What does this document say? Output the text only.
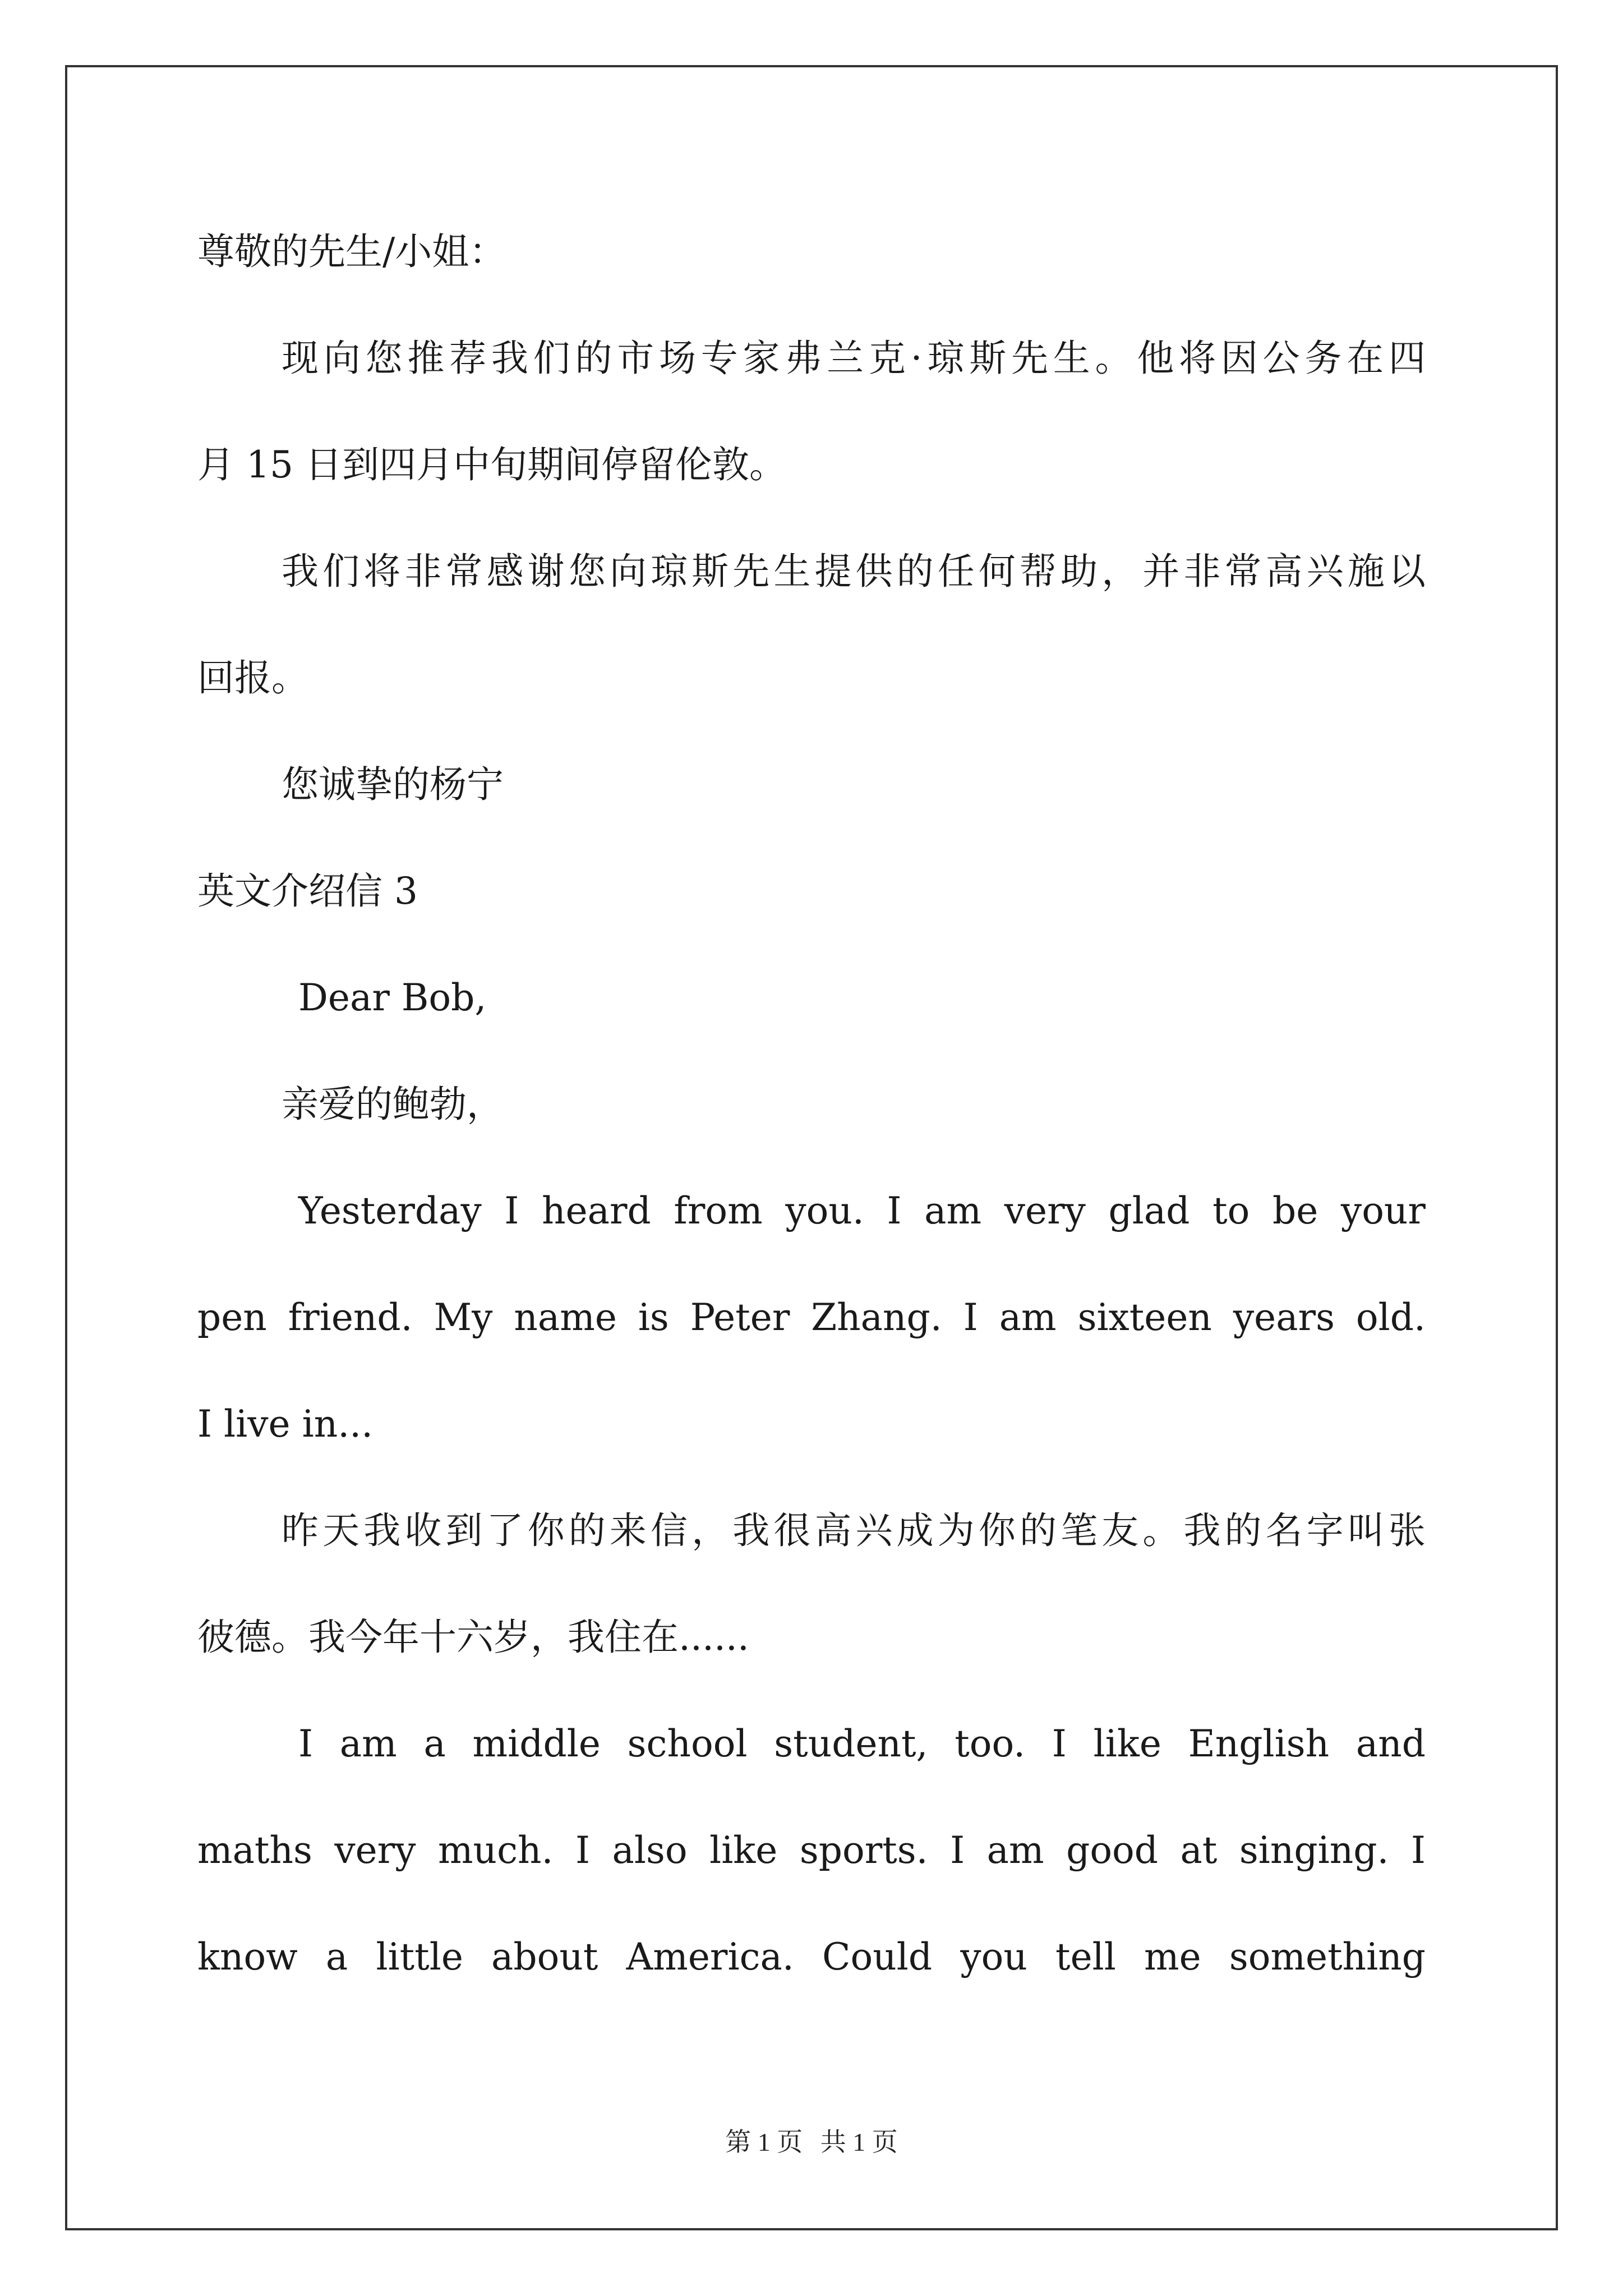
尊敬的先生/小姐：
现向您推荐我们的市场专家弗兰克·琼斯先生。他将因公务在四
月 15 日到四月中旬期间停留伦敦。
我们将非常感谢您向琼斯先生提供的任何帮助，并非常高兴施以
回报。
您诚挚的杨宁
英文介绍信 3
Dear Bob,
亲爱的鲍勃，
Yesterday I heard from you. I am very glad to be your
pen friend. My name is Peter Zhang. I am sixteen years old.
I live in...
昨天我收到了你的来信，我很高兴成为你的笔友。我的名字叫张
彼德。我今年十六岁，我住在......
I am a middle school student, too. I like English and
maths very much. I also like sports. I am good at singing. I
know a little about America. Could you tell me something
第 1 页 共 1 页
